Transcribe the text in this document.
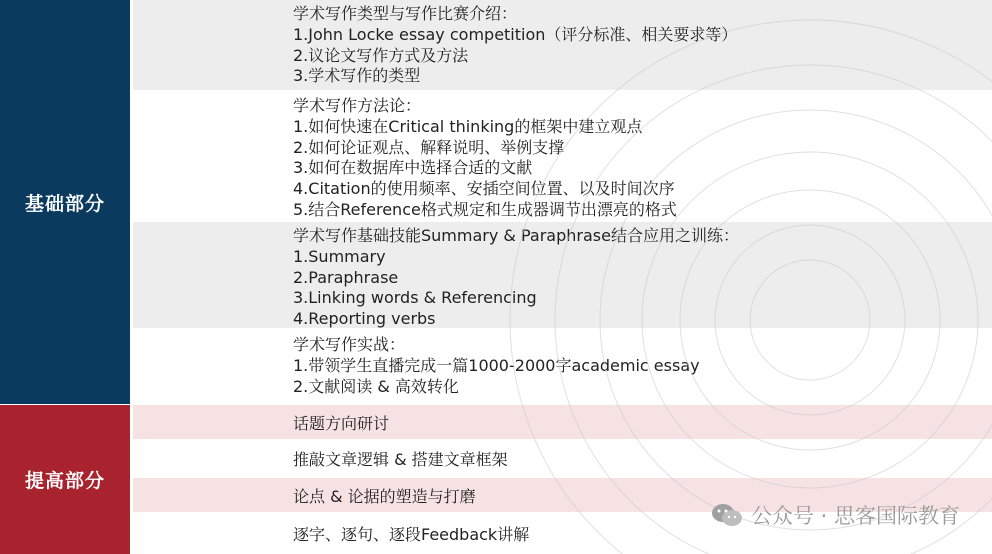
基础部分
提高部分
学术写作类型与写作比赛介绍：
1.John Locke essay competition（评分标准、相关要求等）
2.议论文写作方式及方法
3.学术写作的类型
学术写作方法论：
1.如何快速在Critical thinking的框架中建立观点
2.如何论证观点、解释说明、举例支撑
3.如何在数据库中选择合适的文献
4.Citation的使用频率、安插空间位置、以及时间次序
5.结合Reference格式规定和生成器调节出漂亮的格式
学术写作基础技能Summary & Paraphrase结合应用之训练：
1.Summary
2.Paraphrase
3.Linking words & Referencing
4.Reporting verbs
学术写作实战：
1.带领学生直播完成一篇1000-2000字academic essay
2.文献阅读 & 高效转化
话题方向研讨
推敲文章逻辑 & 搭建文章框架
论点 & 论据的塑造与打磨
逐字、逐句、逐段Feedback讲解
公众号 · 思客国际教育
